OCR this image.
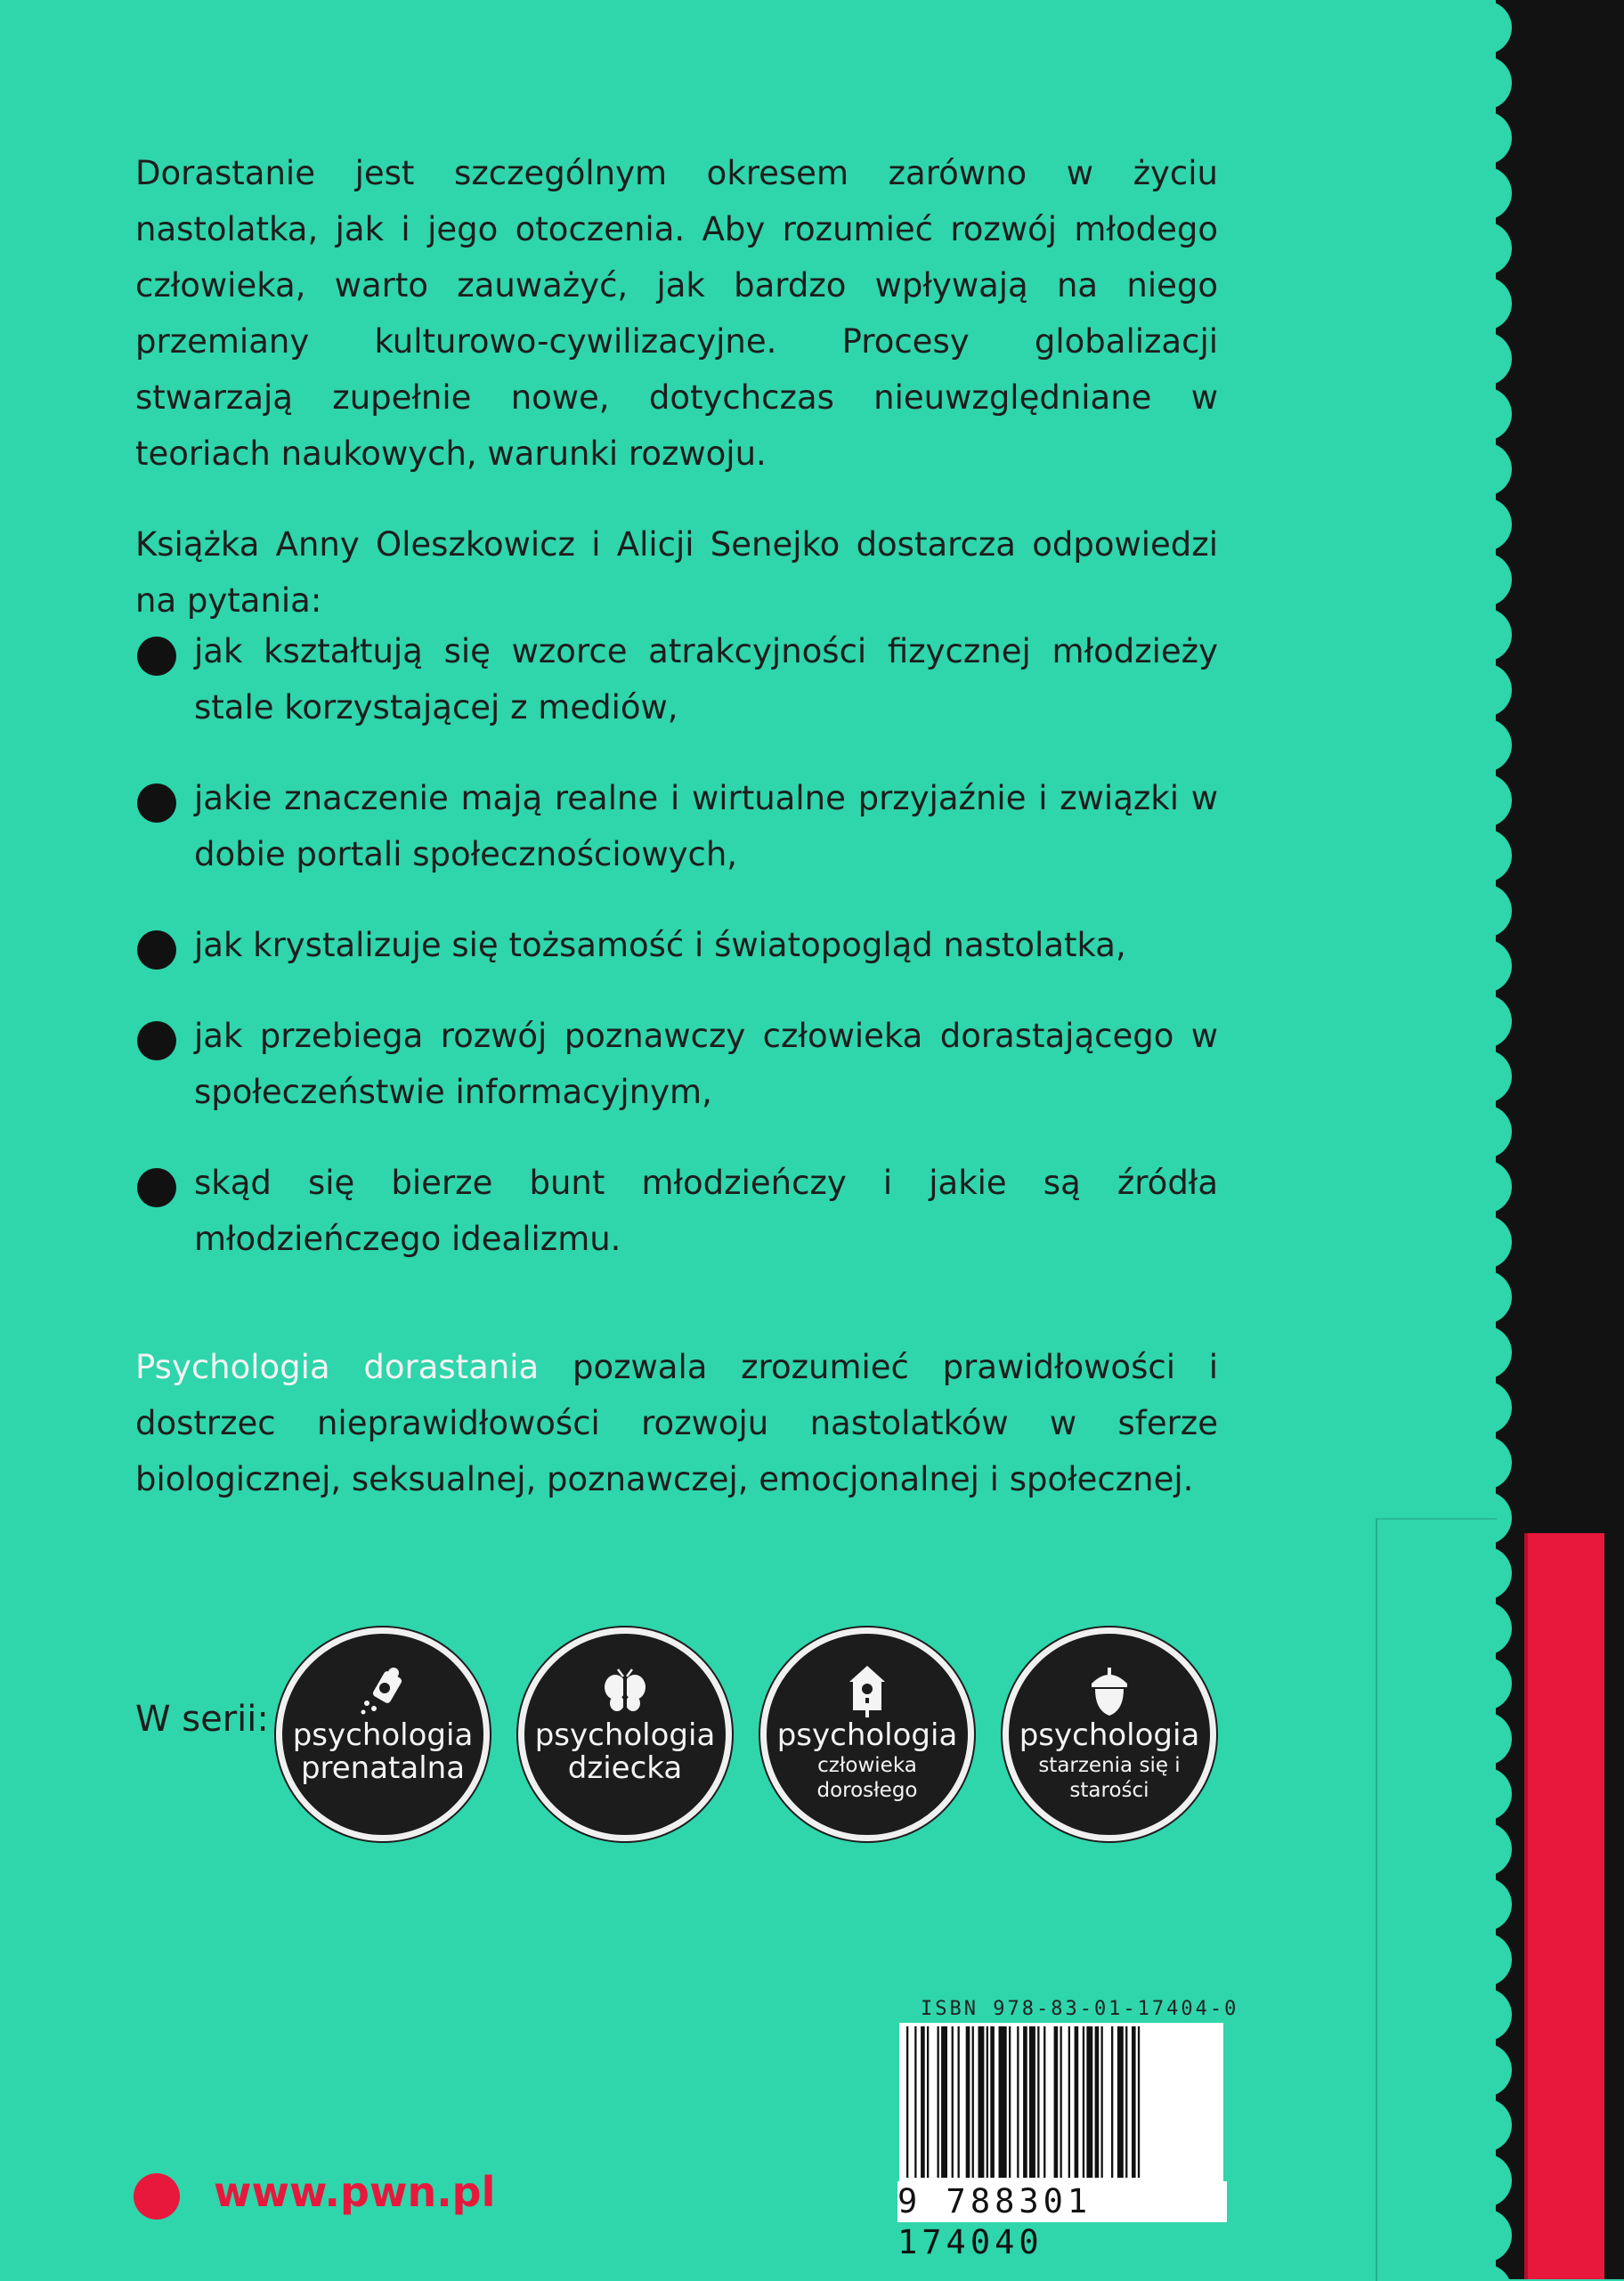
Dorastanie jest szczególnym okresem zarówno w życiu nastolatka, jak i jego otoczenia. Aby rozumieć rozwój młodego człowieka, warto zauważyć, jak bardzo wpływają na niego przemiany kulturowo-cywilizacyjne. Procesy globalizacji stwarzają zupełnie nowe, dotychczas nieuwzględniane w teoriach naukowych, warunki rozwoju.
Książka Anny Oleszkowicz i Alicji Senejko dostarcza odpowiedzi na pytania:
jak kształtują się wzorce atrakcyjności fizycznej młodzieży stale korzystającej z mediów,
jakie znaczenie mają realne i wirtualne przyjaźnie i związki w dobie portali społecznościowych,
jak krystalizuje się tożsamość i światopogląd nastolatka,
jak przebiega rozwój poznawczy człowieka dorastającego w społeczeństwie informacyjnym,
skąd się bierze bunt młodzieńczy i jakie są źródła młodzieńczego idealizmu.
Psychologia dorastania pozwala zrozumieć prawidłowości i dostrzec nieprawidłowości rozwoju nastolatków w sferze biologicznej, seksualnej, poznawczej, emocjonalnej i społecznej.
W serii: psychologia
prenatalna
psychologia
dziecka
psychologia
człowieka dorosłego
psychologia
starzenia się i starości
ISBN 978-83-01-17404-0
9 788301 174040
www.pwn.pl
